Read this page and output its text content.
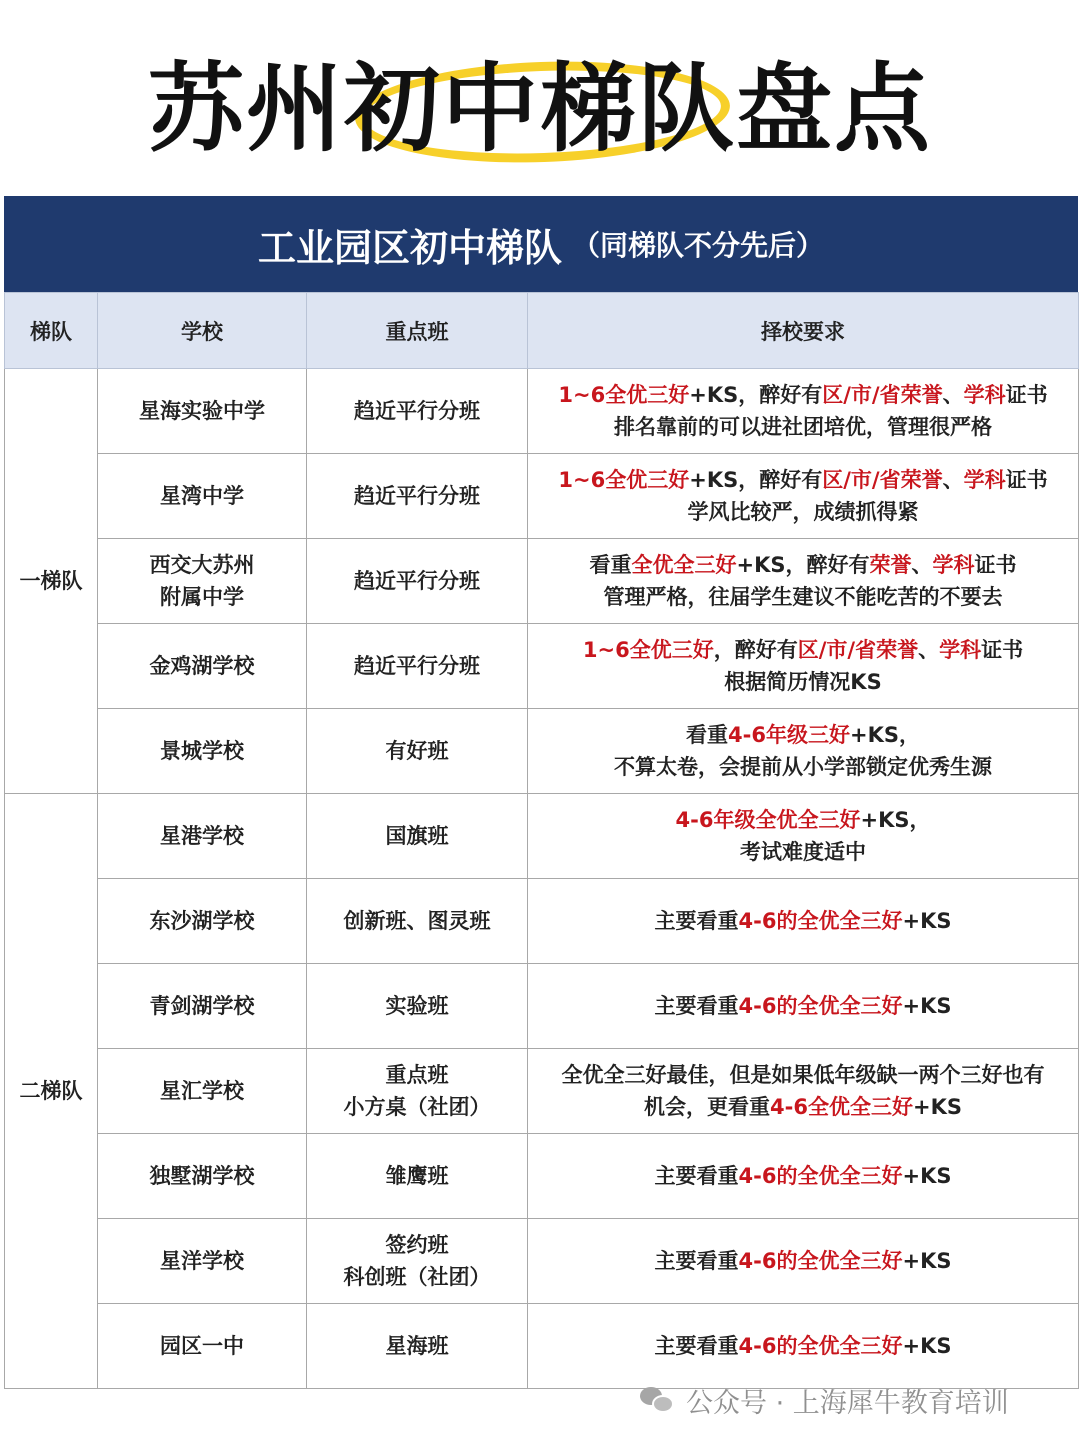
苏州初中梯队盘点
工业园区初中梯队 （同梯队不分先后）
梯队	学校	重点班	择校要求
一梯队	星海实验中学	趋近平行分班	1~6全优三好+KS，醉好有区/市/省荣誉、学科证书
排名靠前的可以进社团培优，管理很严格

	星湾中学	趋近平行分班	1~6全优三好+KS，醉好有区/市/省荣誉、学科证书
学风比较严，成绩抓得紧

	西交大苏州
附属中学	趋近平行分班	看重全优全三好+KS，醉好有荣誉、学科证书
管理严格，往届学生建议不能吃苦的不要去

	金鸡湖学校	趋近平行分班	1~6全优三好，醉好有区/市/省荣誉、学科证书
根据简历情况KS

	景城学校	有好班	看重4-6年级三好+KS，
不算太卷，会提前从小学部锁定优秀生源

二梯队	星港学校	国旗班	4-6年级全优全三好+KS，
考试难度适中

	东沙湖学校	创新班、图灵班	主要看重4-6的全优全三好+KS

	青剑湖学校	实验班	主要看重4-6的全优全三好+KS

	星汇学校	重点班
小方桌（社团）	全优全三好最佳，但是如果低年级缺一两个三好也有
机会，更看重4-6全优全三好+KS

	独墅湖学校	雏鹰班	主要看重4-6的全优全三好+KS

	星洋学校	签约班
科创班（社团）	主要看重4-6的全优全三好+KS

	园区一中	星海班	主要看重4-6的全优全三好+KS
公众号 · 上海犀牛教育培训
